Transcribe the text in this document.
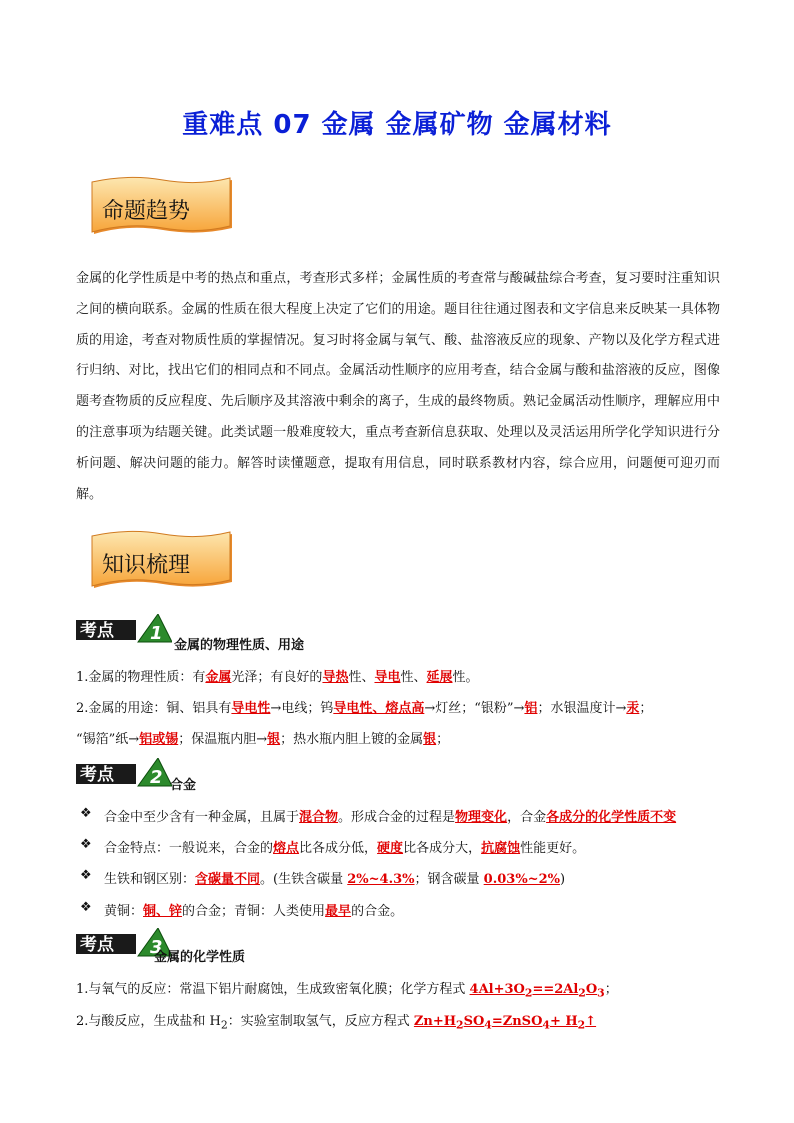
重难点 07 金属 金属矿物 金属材料
命题趋势
金属的化学性质是中考的热点和重点，考查形式多样；金属性质的考查常与酸碱盐综合考查，复习要时注重知识之间的横向联系。金属的性质在很大程度上决定了它们的用途。题目往往通过图表和文字信息来反映某一具体物质的用途，考查对物质性质的掌握情况。复习时将金属与氧气、酸、盐溶液反应的现象、产物以及化学方程式进行归纳、对比，找出它们的相同点和不同点。金属活动性顺序的应用考查，结合金属与酸和盐溶液的反应，图像题考查物质的反应程度、先后顺序及其溶液中剩余的离子，生成的最终物质。熟记金属活动性顺序，理解应用中的注意事项为结题关键。此类试题一般难度较大，重点考查新信息获取、处理以及灵活运用所学化学知识进行分析问题、解决问题的能力。解答时读懂题意，提取有用信息，同时联系教材内容，综合应用，问题便可迎刃而解。
知识梳理
考点 1
金属的物理性质、用途
1.金属的物理性质：有金属光泽；有良好的导热性、导电性、延展性。
2.金属的用途：铜、铝具有导电性→电线；钨导电性、熔点高→灯丝；“银粉”→铝；水银温度计→汞；
“锡箔”纸→铝或锡；保温瓶内胆→银；热水瓶内胆上镀的金属银；
考点 2 合金
❖ 合金中至少含有一种金属，且属于混合物。形成合金的过程是物理变化，合金各成分的化学性质不变
❖ 合金特点：一般说来，合金的熔点比各成分低，硬度比各成分大，抗腐蚀性能更好。
❖ 生铁和钢区别：含碳量不同。(生铁含碳量 2%~4.3%；钢含碳量 0.03%~2%)
❖ 黄铜：铜、锌的合金；青铜：人类使用最早的合金。
考点 3
金属的化学性质
1.与氧气的反应：常温下铝片耐腐蚀，生成致密氧化膜；化学方程式 $4Al+3O_2==2Al_2O_3$；
2.与酸反应，生成盐和 $H_2$：实验室制取氢气，反应方程式 $Zn+H_2SO_4=ZnSO_4+$ $H_2↑$
